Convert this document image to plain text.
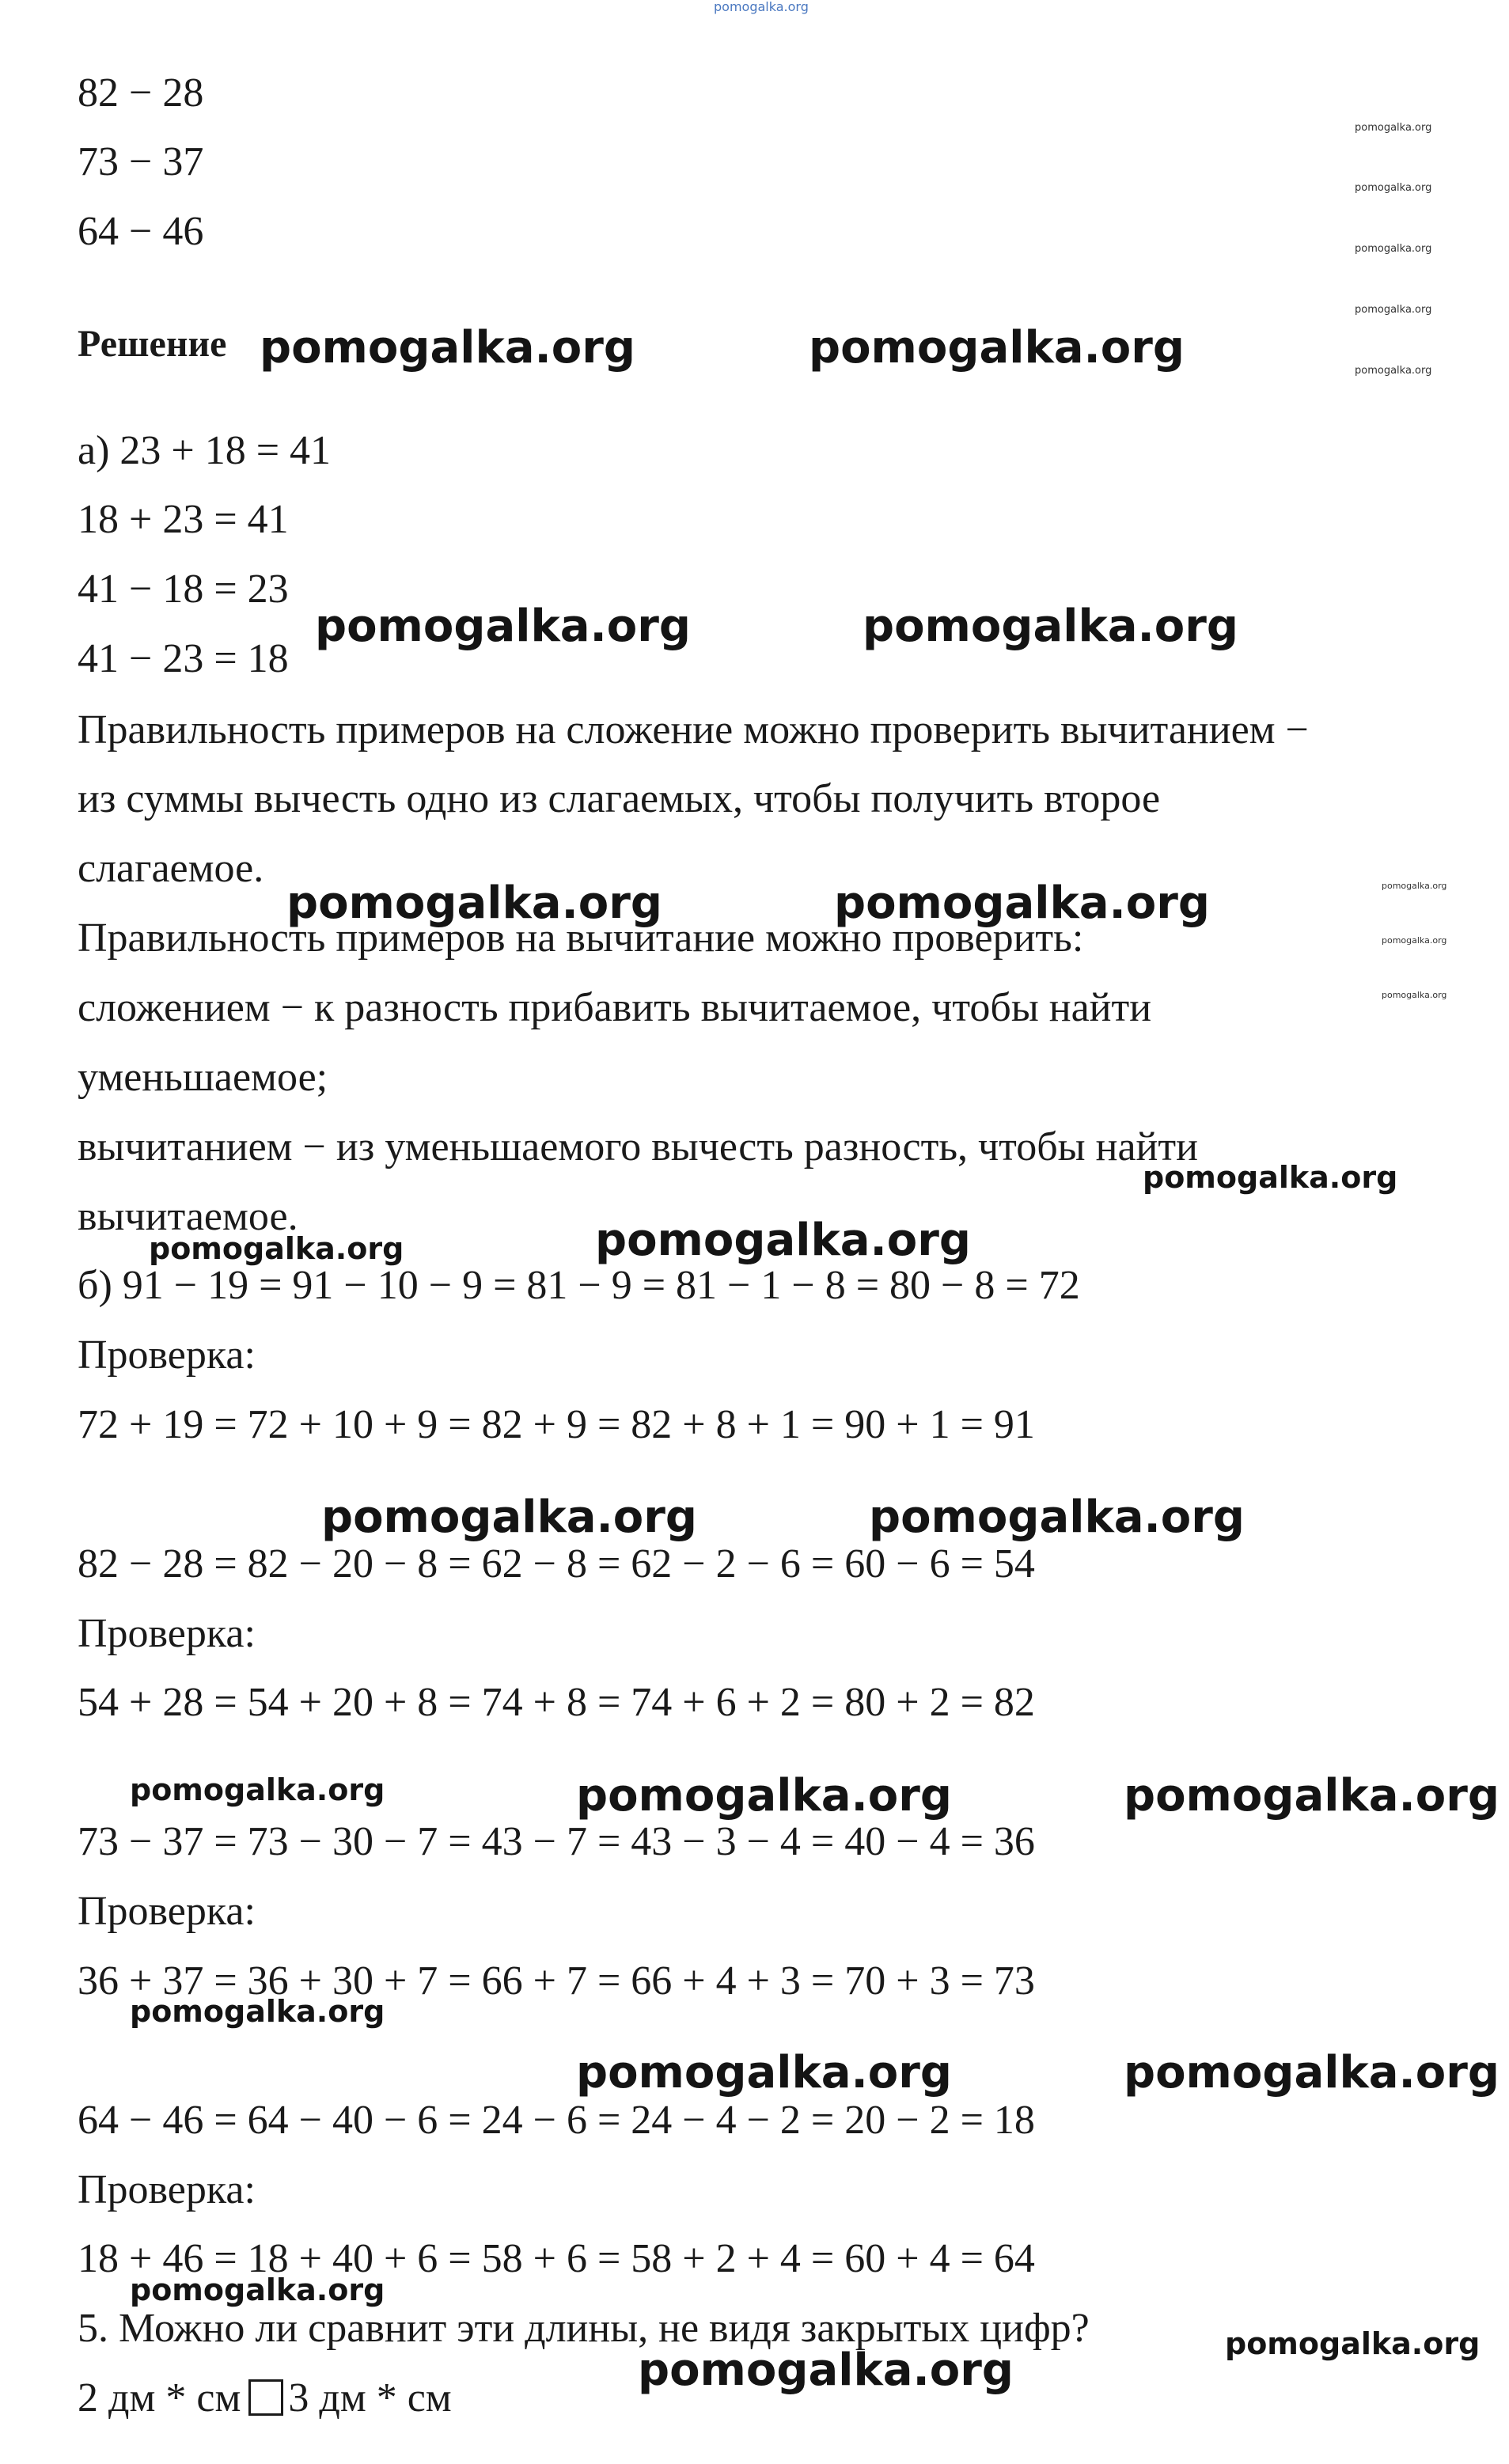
pomogalka.org

82 − 28

73 − 37

64 − 46

Решение

а) 23 + 18 = 41

18 + 23 = 41

41 − 18 = 23

41 − 23 = 18

Правильность примеров на сложение можно проверить вычитанием −

из суммы вычесть одно из слагаемых, чтобы получить второе

слагаемое.

Правильность примеров на вычитание можно проверить:

сложением − к разность прибавить вычитаемое, чтобы найти

уменьшаемое;

вычитанием − из уменьшаемого вычесть разность, чтобы найти

вычитаемое.

б) 91 − 19 = 91 − 10 − 9 = 81 − 9 = 81 − 1 − 8 = 80 − 8 = 72

Проверка:

72 + 19 = 72 + 10 + 9 = 82 + 9 = 82 + 8 + 1 = 90 + 1 = 91

82 − 28 = 82 − 20 − 8 = 62 − 8 = 62 − 2 − 6 = 60 − 6 = 54

Проверка:

54 + 28 = 54 + 20 + 8 = 74 + 8 = 74 + 6 + 2 = 80 + 2 = 82

73 − 37 = 73 − 30 − 7 = 43 − 7 = 43 − 3 − 4 = 40 − 4 = 36

Проверка:

36 + 37 = 36 + 30 + 7 = 66 + 7 = 66 + 4 + 3 = 70 + 3 = 73

64 − 46 = 64 − 40 − 6 = 24 − 6 = 24 − 4 − 2 = 20 − 2 = 18

Проверка:

18 + 46 = 18 + 40 + 6 = 58 + 6 = 58 + 2 + 4 = 60 + 4 = 64

5. Можно ли сравнит эти длины, не видя закрытых цифр?

2 дм * см 3 дм * см

pomogalka.org	pomogalka.org

pomogalka.org	pomogalka.org

pomogalka.org	pomogalka.org

pomogalka.org

pomogalka.org	pomogalka.org

pomogalka.org	pomogalka.org

pomogalka.org	pomogalka.org

pomogalka.org

pomogalka.org

pomogalka.org

pomogalka.org

pomogalka.org

pomogalka.org

pomogalka.org

pomogalka.org

pomogalka.org

pomogalka.org

pomogalka.org

pomogalka.org

pomogalka.org

pomogalka.org

pomogalka.org
